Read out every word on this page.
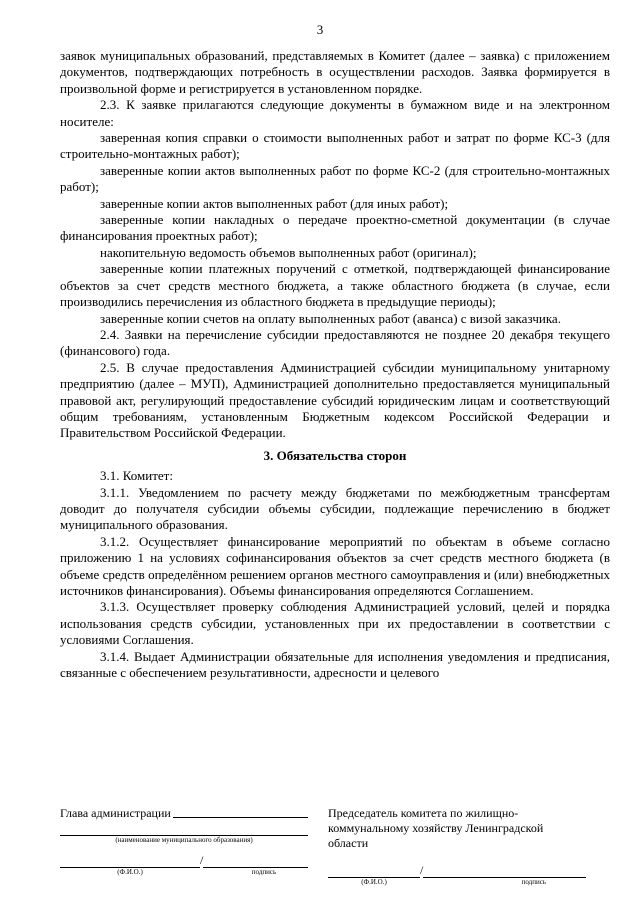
3

заявок муниципальных образований, представляемых в Комитет (далее – заявка) с приложением документов, подтверждающих потребность в осуществлении расходов. Заявка формируется в произвольной форме и регистрируется в установленном порядке.

2.3. К заявке прилагаются следующие документы в бумажном виде и на электронном носителе:

заверенная копия справки о стоимости выполненных работ и затрат по форме КС-3 (для строительно-монтажных работ);

заверенные копии актов выполненных работ по форме КС-2 (для строительно-монтажных работ);

заверенные копии актов выполненных работ (для иных работ);

заверенные копии накладных о передаче проектно-сметной документации (в случае финансирования проектных работ);

накопительную ведомость объемов выполненных работ (оригинал);

заверенные копии платежных поручений с отметкой, подтверждающей финансирование объектов за счет средств местного бюджета, а также областного бюджета (в случае, если производились перечисления из областного бюджета в предыдущие периоды);

заверенные копии счетов на оплату выполненных работ (аванса) с визой заказчика.

2.4. Заявки на перечисление субсидии предоставляются не позднее 20 декабря текущего (финансового) года.

2.5. В случае предоставления Администрацией субсидии муниципальному унитарному предприятию (далее – МУП), Администрацией дополнительно предоставляется муниципальный правовой акт, регулирующий предоставление субсидий юридическим лицам и соответствующий общим требованиям, установленным Бюджетным кодексом Российской Федерации и Правительством Российской Федерации.

3. Обязательства сторон

3.1. Комитет:

3.1.1. Уведомлением по расчету между бюджетами по межбюджетным трансфертам доводит до получателя субсидии объемы субсидии, подлежащие перечислению в бюджет муниципального образования.

3.1.2. Осуществляет финансирование мероприятий по объектам в объеме согласно приложению 1 на условиях софинансирования объектов за счет средств местного бюджета (в объеме средств определённом решением органов местного самоуправления и (или) внебюджетных источников финансирования). Объемы финансирования определяются Соглашением.

3.1.3. Осуществляет проверку соблюдения Администрацией условий, целей и порядка использования средств субсидии, установленных при их предоставлении в соответствии с условиями Соглашения.

3.1.4. Выдает Администрации обязательные для исполнения уведомления и предписания, связанные с обеспечением результативности, адресности и целевого

Глава администрации
(наименование муниципального образования)
/
(Ф.И.О.)	подпись
Председатель комитета по жилищно-коммунальному хозяйству Ленинградской области
/
(Ф.И.О.)	подпись
